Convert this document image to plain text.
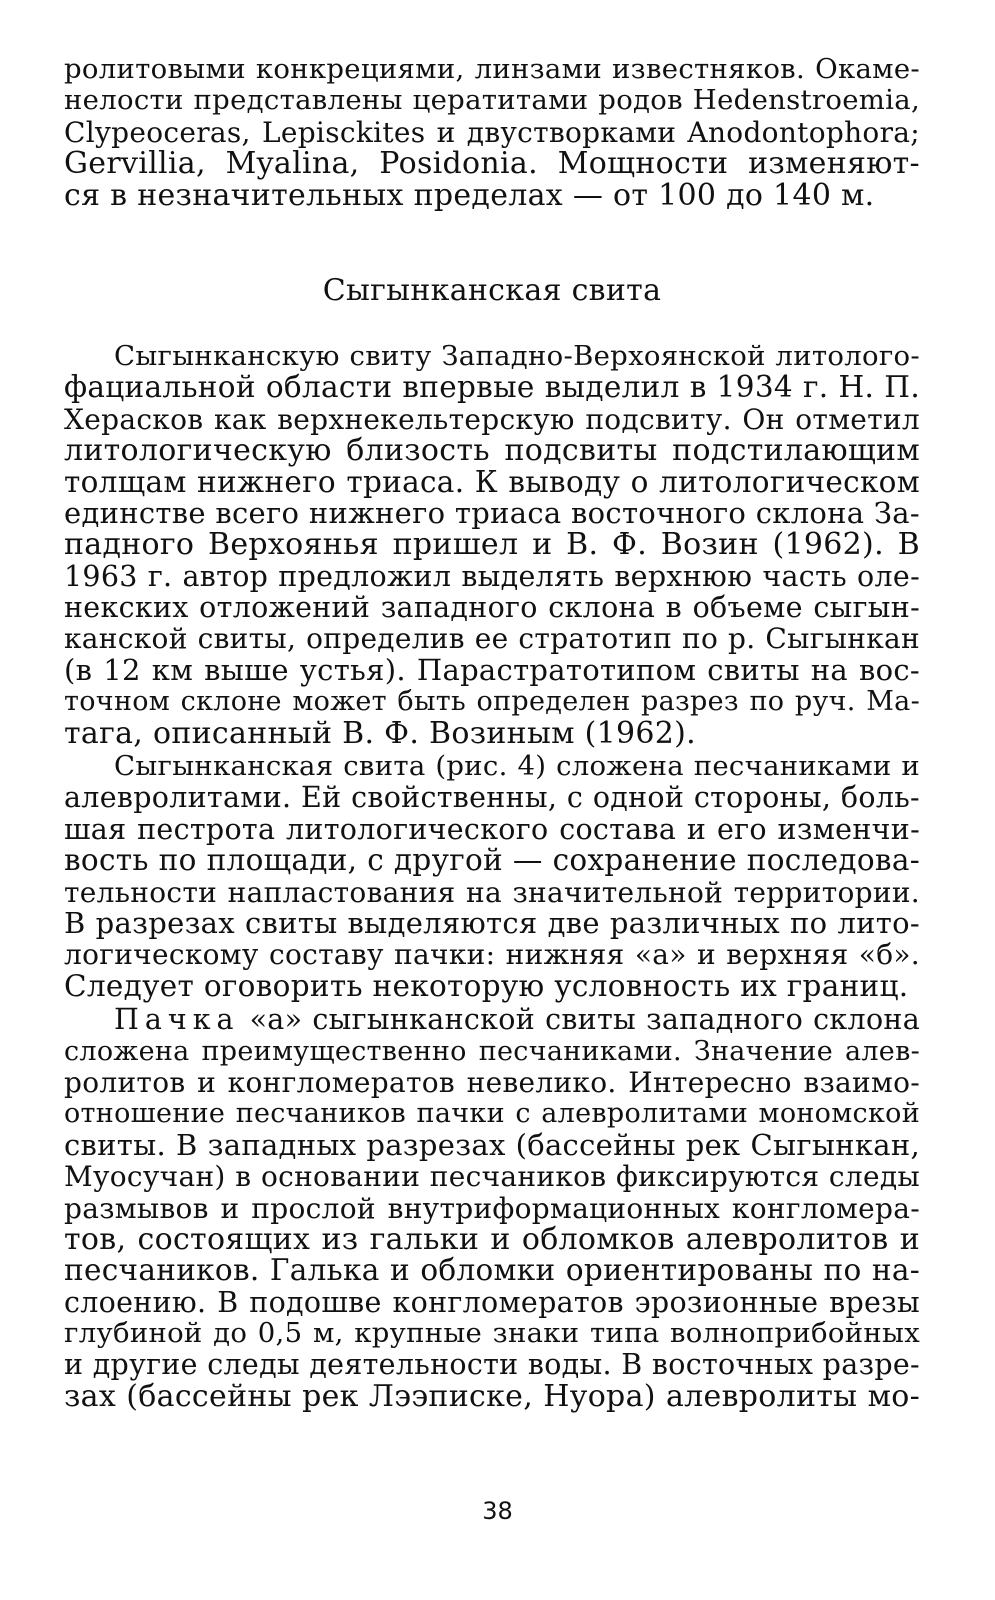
ролитовыми конкрециями, линзами известняков. Окаме-
нелости представлены цератитами родов Hedenstroemia,
Clypeoceras, Lepisckites и двустворками Anodontophora;
Gervillia, Myalina, Posidonia. Мощности изменяют-
ся в незначительных пределах — от 100 до 140 м.
Сыгынканская свита
Сыгынканскую свиту Западно-Верхоянской литолого-
фациальной области впервые выделил в 1934 г. Н. П.
Херасков как верхнекельтерскую подсвиту. Он отметил
литологическую близость подсвиты подстилающим
толщам нижнего триаса. К выводу о литологическом
единстве всего нижнего триаса восточного склона За-
падного Верхоянья пришел и В. Ф. Возин (1962). В
1963 г. автор предложил выделять верхнюю часть оле-
некских отложений западного склона в объеме сыгын-
канской свиты, определив ее стратотип по р. Сыгынкан
(в 12 км выше устья). Парастратотипом свиты на вос-
точном склоне может быть определен разрез по руч. Ма-
тага, описанный В. Ф. Возиным (1962).
Сыгынканская свита (рис. 4) сложена песчаниками и
алевролитами. Ей свойственны, с одной стороны, боль-
шая пестрота литологического состава и его изменчи-
вость по площади, с другой — сохранение последова-
тельности напластования на значительной территории.
В разрезах свиты выделяются две различных по лито-
логическому составу пачки: нижняя «а» и верхняя «б».
Следует оговорить некоторую условность их границ.
Пачка «а» сыгынканской свиты западного склона
сложена преимущественно песчаниками. Значение алев-
ролитов и конгломератов невелико. Интересно взаимо-
отношение песчаников пачки с алевролитами мономской
свиты. В западных разрезах (бассейны рек Сыгынкан,
Муосучан) в основании песчаников фиксируются следы
размывов и прослой внутриформационных конгломера-
тов, состоящих из гальки и обломков алевролитов и
песчаников. Галька и обломки ориентированы по на-
слоению. В подошве конгломератов эрозионные врезы
глубиной до 0,5 м, крупные знаки типа волноприбойных
и другие следы деятельности воды. В восточных разре-
зах (бассейны рек Лээписке, Нуора) алевролиты мо-
38
